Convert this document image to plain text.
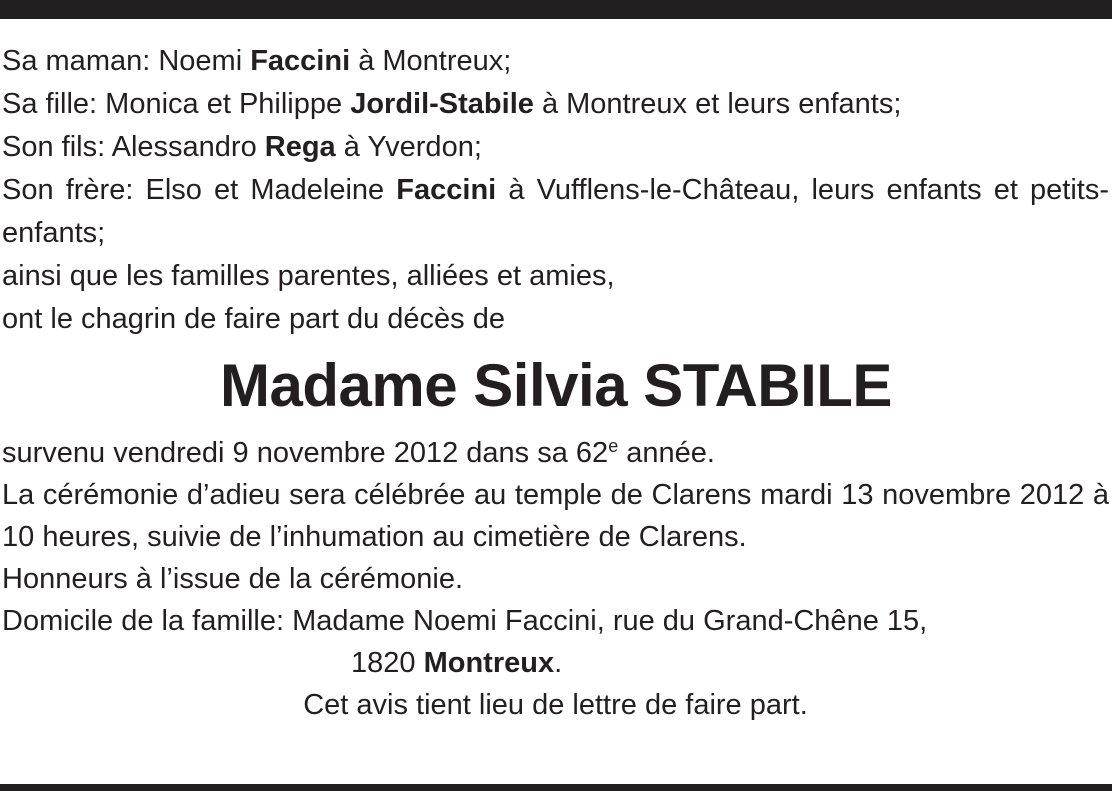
Sa maman: Noemi Faccini à Montreux;
Sa fille: Monica et Philippe Jordil-Stabile à Montreux et leurs enfants;
Son fils: Alessandro Rega à Yverdon;
Son frère: Elso et Madeleine Faccini à Vufflens-le-Château, leurs enfants et petits-enfants;
ainsi que les familles parentes, alliées et amies,
ont le chagrin de faire part du décès de
Madame Silvia STABILE
survenu vendredi 9 novembre 2012 dans sa 62e année.
La cérémonie d’adieu sera célébrée au temple de Clarens mardi 13 novembre 2012 à 10 heures, suivie de l’inhumation au cimetière de Clarens.
Honneurs à l’issue de la cérémonie.
Domicile de la famille: Madame Noemi Faccini, rue du Grand-Chêne 15,
1820 Montreux.
Cet avis tient lieu de lettre de faire part.
